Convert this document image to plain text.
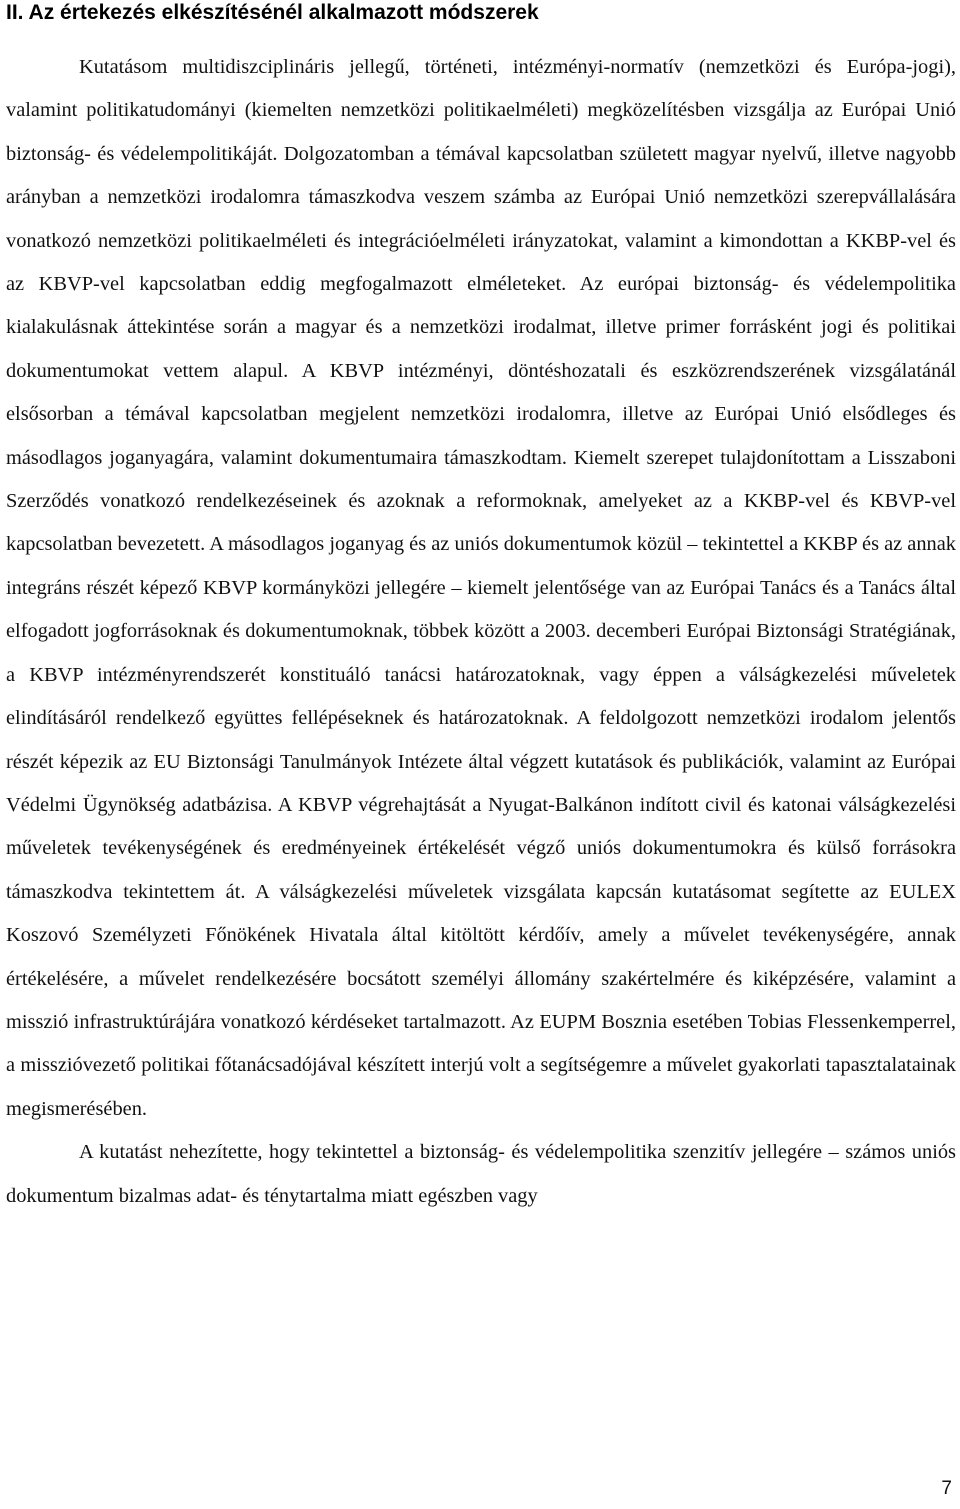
II. Az értekezés elkészítésénél alkalmazott módszerek

Kutatásom multidiszciplináris jellegű, történeti, intézményi-normatív (nemzetközi és Európa-jogi), valamint politikatudományi (kiemelten nemzetközi politikaelméleti) megközelítésben vizsgálja az Európai Unió biztonság- és védelempolitikáját. Dolgozatomban a témával kapcsolatban született magyar nyelvű, illetve nagyobb arányban a nemzetközi irodalomra támaszkodva veszem számba az Európai Unió nemzetközi szerepvállalására vonatkozó nemzetközi politikaelméleti és integrációelméleti irányzatokat, valamint a kimondottan a KKBP-vel és az KBVP-vel kapcsolatban eddig megfogalmazott elméleteket. Az európai biztonság- és védelempolitika kialakulásnak áttekintése során a magyar és a nemzetközi irodalmat, illetve primer forrásként jogi és politikai dokumentumokat vettem alapul. A KBVP intézményi, döntéshozatali és eszközrendszerének vizsgálatánál elsősorban a témával kapcsolatban megjelent nemzetközi irodalomra, illetve az Európai Unió elsődleges és másodlagos joganyagára, valamint dokumentumaira támaszkodtam. Kiemelt szerepet tulajdonítottam a Lisszaboni Szerződés vonatkozó rendelkezéseinek és azoknak a reformoknak, amelyeket az a KKBP-vel és KBVP-vel kapcsolatban bevezetett. A másodlagos joganyag és az uniós dokumentumok közül – tekintettel a KKBP és az annak integráns részét képező KBVP kormányközi jellegére – kiemelt jelentősége van az Európai Tanács és a Tanács által elfogadott jogforrásoknak és dokumentumoknak, többek között a 2003. decemberi Európai Biztonsági Stratégiának, a KBVP intézményrendszerét konstituáló tanácsi határozatoknak, vagy éppen a válságkezelési műveletek elindításáról rendelkező együttes fellépéseknek és határozatoknak. A feldolgozott nemzetközi irodalom jelentős részét képezik az EU Biztonsági Tanulmányok Intézete által végzett kutatások és publikációk, valamint az Európai Védelmi Ügynökség adatbázisa. A KBVP végrehajtását a Nyugat-Balkánon indított civil és katonai válságkezelési műveletek tevékenységének és eredményeinek értékelését végző uniós dokumentumokra és külső forrásokra támaszkodva tekintettem át. A válságkezelési műveletek vizsgálata kapcsán kutatásomat segítette az EULEX Koszovó Személyzeti Főnökének Hivatala által kitöltött kérdőív, amely a művelet tevékenységére, annak értékelésére, a művelet rendelkezésére bocsátott személyi állomány szakértelmére és kiképzésére, valamint a misszió infrastruktúrájára vonatkozó kérdéseket tartalmazott. Az EUPM Bosznia esetében Tobias Flessenkemperrel, a misszióvezető politikai főtanácsadójával készített interjú volt a segítségemre a művelet gyakorlati tapasztalatainak megismerésében.

A kutatást nehezítette, hogy tekintettel a biztonság- és védelempolitika szenzitív jellegére – számos uniós dokumentum bizalmas adat- és ténytartalma miatt egészben vagy

7
